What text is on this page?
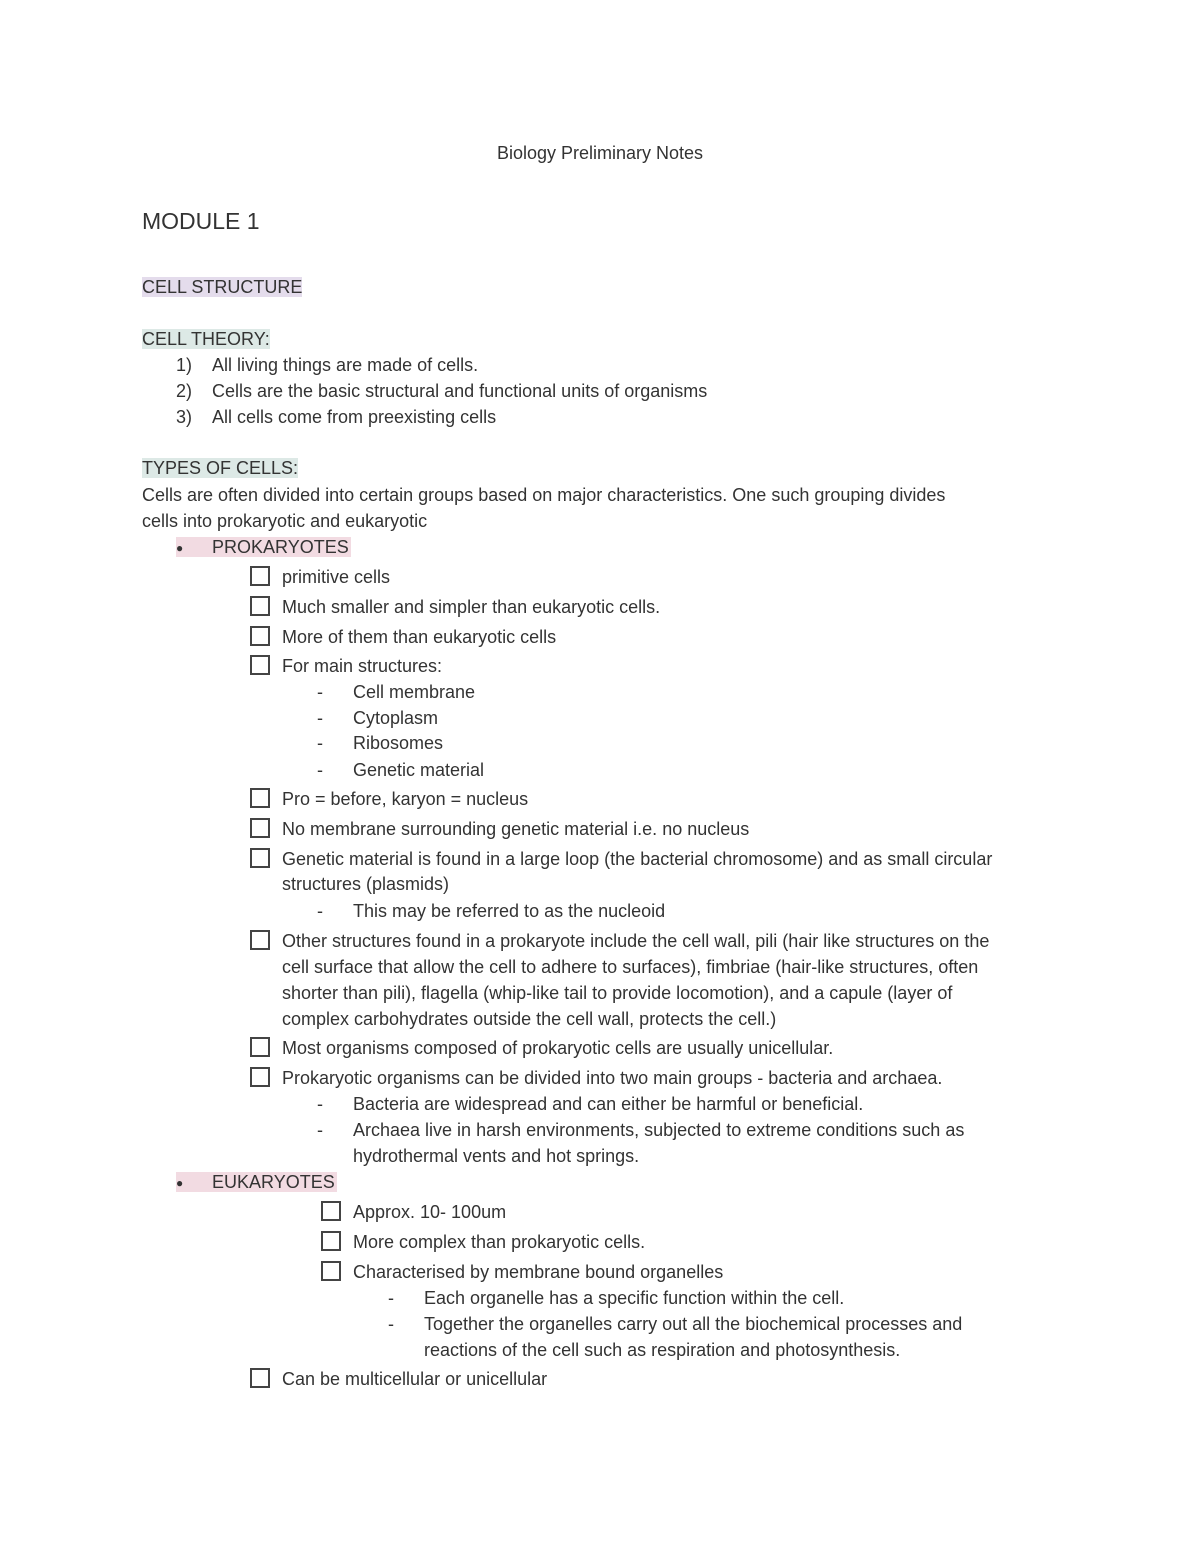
Biology Preliminary Notes
MODULE 1
CELL STRUCTURE
CELL THEORY:
1) All living things are made of cells.
2) Cells are the basic structural and functional units of organisms
3) All cells come from preexisting cells
TYPES OF CELLS:
Cells are often divided into certain groups based on major characteristics. One such grouping divides
cells into prokaryotic and eukaryotic
● PROKARYOTES
primitive cells
Much smaller and simpler than eukaryotic cells.
More of them than eukaryotic cells
For main structures:
- Cell membrane
- Cytoplasm
- Ribosomes
- Genetic material
Pro = before, karyon = nucleus
No membrane surrounding genetic material i.e. no nucleus
Genetic material is found in a large loop (the bacterial chromosome) and as small circular
structures (plasmids)
- This may be referred to as the nucleoid
Other structures found in a prokaryote include the cell wall, pili (hair like structures on the
cell surface that allow the cell to adhere to surfaces), fimbriae (hair-like structures, often
shorter than pili), flagella (whip-like tail to provide locomotion), and a capule (layer of
complex carbohydrates outside the cell wall, protects the cell.)
Most organisms composed of prokaryotic cells are usually unicellular.
Prokaryotic organisms can be divided into two main groups - bacteria and archaea.
- Bacteria are widespread and can either be harmful or beneficial.
- Archaea live in harsh environments, subjected to extreme conditions such as
hydrothermal vents and hot springs.
● EUKARYOTES
Approx. 10- 100um
More complex than prokaryotic cells.
Characterised by membrane bound organelles
- Each organelle has a specific function within the cell.
- Together the organelles carry out all the biochemical processes and
reactions of the cell such as respiration and photosynthesis.
Can be multicellular or unicellular
